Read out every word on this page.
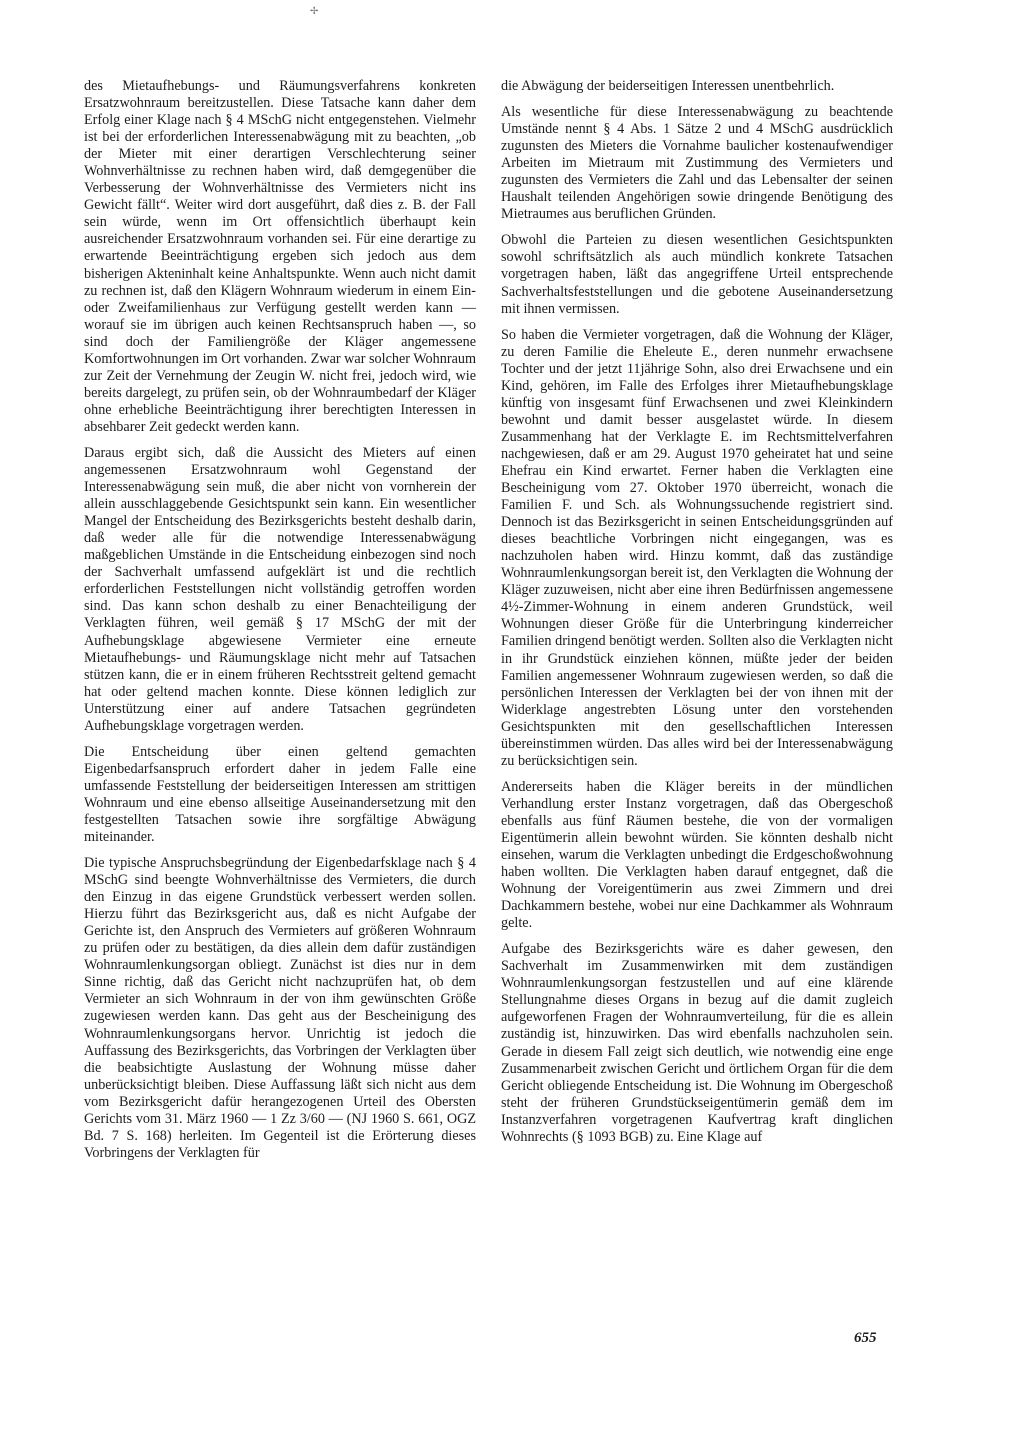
✢

des Mietaufhebungs- und Räumungsverfahrens konkreten Ersatzwohnraum bereitzustellen. Diese Tatsache kann daher dem Erfolg einer Klage nach § 4 MSchG nicht entgegenstehen. Vielmehr ist bei der erforderlichen Interessenabwägung mit zu beachten, „ob der Mieter mit einer derartigen Verschlechterung seiner Wohnverhältnisse zu rechnen haben wird, daß demgegenüber die Verbesserung der Wohnverhältnisse des Vermieters nicht ins Gewicht fällt“. Weiter wird dort ausgeführt, daß dies z. B. der Fall sein würde, wenn im Ort offensichtlich überhaupt kein ausreichender Ersatzwohnraum vorhanden sei. Für eine derartige zu erwartende Beeinträchtigung ergeben sich jedoch aus dem bisherigen Akteninhalt keine Anhaltspunkte. Wenn auch nicht damit zu rechnen ist, daß den Klägern Wohnraum wiederum in einem Ein- oder Zweifamilienhaus zur Verfügung gestellt werden kann — worauf sie im übrigen auch keinen Rechtsanspruch haben —, so sind doch der Familiengröße der Kläger angemessene Komfortwohnungen im Ort vorhanden. Zwar war solcher Wohnraum zur Zeit der Vernehmung der Zeugin W. nicht frei, jedoch wird, wie bereits dargelegt, zu prüfen sein, ob der Wohnraumbedarf der Kläger ohne erhebliche Beeinträchtigung ihrer berechtigten Interessen in absehbarer Zeit gedeckt werden kann.

Daraus ergibt sich, daß die Aussicht des Mieters auf einen angemessenen Ersatzwohnraum wohl Gegenstand der Interessenabwägung sein muß, die aber nicht von vornherein der allein ausschlaggebende Gesichtspunkt sein kann. Ein wesentlicher Mangel der Entscheidung des Bezirksgerichts besteht deshalb darin, daß weder alle für die notwendige Interessenabwägung maßgeblichen Umstände in die Entscheidung einbezogen sind noch der Sachverhalt umfassend aufgeklärt ist und die rechtlich erforderlichen Feststellungen nicht vollständig getroffen worden sind. Das kann schon deshalb zu einer Benachteiligung der Verklagten führen, weil gemäß § 17 MSchG der mit der Aufhebungsklage abgewiesene Vermieter eine erneute Mietaufhebungs- und Räumungsklage nicht mehr auf Tatsachen stützen kann, die er in einem früheren Rechtsstreit geltend gemacht hat oder geltend machen konnte. Diese können lediglich zur Unterstützung einer auf andere Tatsachen gegründeten Aufhebungsklage vorgetragen werden.

Die Entscheidung über einen geltend gemachten Eigenbedarfsanspruch erfordert daher in jedem Falle eine umfassende Feststellung der beiderseitigen Interessen am strittigen Wohnraum und eine ebenso allseitige Auseinandersetzung mit den festgestellten Tatsachen sowie ihre sorgfältige Abwägung miteinander.

Die typische Anspruchsbegründung der Eigenbedarfsklage nach § 4 MSchG sind beengte Wohnverhältnisse des Vermieters, die durch den Einzug in das eigene Grundstück verbessert werden sollen. Hierzu führt das Bezirksgericht aus, daß es nicht Aufgabe der Gerichte ist, den Anspruch des Vermieters auf größeren Wohnraum zu prüfen oder zu bestätigen, da dies allein dem dafür zuständigen Wohnraumlenkungsorgan obliegt. Zunächst ist dies nur in dem Sinne richtig, daß das Gericht nicht nachzuprüfen hat, ob dem Vermieter an sich Wohnraum in der von ihm gewünschten Größe zugewiesen werden kann. Das geht aus der Bescheinigung des Wohnraumlenkungsorgans hervor. Unrichtig ist jedoch die Auffassung des Bezirksgerichts, das Vorbringen der Verklagten über die beabsichtigte Auslastung der Wohnung müsse daher unberücksichtigt bleiben. Diese Auffassung läßt sich nicht aus dem vom Bezirksgericht dafür herangezogenen Urteil des Obersten Gerichts vom 31. März 1960 — 1 Zz 3/60 — (NJ 1960 S. 661, OGZ Bd. 7 S. 168) herleiten. Im Gegenteil ist die Erörterung dieses Vorbringens der Verklagten für

die Abwägung der beiderseitigen Interessen unentbehrlich.

Als wesentliche für diese Interessenabwägung zu beachtende Umstände nennt § 4 Abs. 1 Sätze 2 und 4 MSchG ausdrücklich zugunsten des Mieters die Vornahme baulicher kostenaufwendiger Arbeiten im Mietraum mit Zustimmung des Vermieters und zugunsten des Vermieters die Zahl und das Lebensalter der seinen Haushalt teilenden Angehörigen sowie dringende Benötigung des Mietraumes aus beruflichen Gründen.

Obwohl die Parteien zu diesen wesentlichen Gesichtspunkten sowohl schriftsätzlich als auch mündlich konkrete Tatsachen vorgetragen haben, läßt das angegriffene Urteil entsprechende Sachverhaltsfeststellungen und die gebotene Auseinandersetzung mit ihnen vermissen.

So haben die Vermieter vorgetragen, daß die Wohnung der Kläger, zu deren Familie die Eheleute E., deren nunmehr erwachsene Tochter und der jetzt 11jährige Sohn, also drei Erwachsene und ein Kind, gehören, im Falle des Erfolges ihrer Mietaufhebungsklage künftig von insgesamt fünf Erwachsenen und zwei Kleinkindern bewohnt und damit besser ausgelastet würde. In diesem Zusammenhang hat der Verklagte E. im Rechtsmittelverfahren nachgewiesen, daß er am 29. August 1970 geheiratet hat und seine Ehefrau ein Kind erwartet. Ferner haben die Verklagten eine Bescheinigung vom 27. Oktober 1970 überreicht, wonach die Familien F. und Sch. als Wohnungssuchende registriert sind. Dennoch ist das Bezirksgericht in seinen Entscheidungsgründen auf dieses beachtliche Vorbringen nicht eingegangen, was es nachzuholen haben wird. Hinzu kommt, daß das zuständige Wohnraumlenkungsorgan bereit ist, den Verklagten die Wohnung der Kläger zuzuweisen, nicht aber eine ihren Bedürfnissen angemessene 4½-Zimmer-Wohnung in einem anderen Grundstück, weil Wohnungen dieser Größe für die Unterbringung kinderreicher Familien dringend benötigt werden. Sollten also die Verklagten nicht in ihr Grundstück einziehen können, müßte jeder der beiden Familien angemessener Wohnraum zugewiesen werden, so daß die persönlichen Interessen der Verklagten bei der von ihnen mit der Widerklage angestrebten Lösung unter den vorstehenden Gesichtspunkten mit den gesellschaftlichen Interessen übereinstimmen würden. Das alles wird bei der Interessenabwägung zu berücksichtigen sein.

Andererseits haben die Kläger bereits in der mündlichen Verhandlung erster Instanz vorgetragen, daß das Obergeschoß ebenfalls aus fünf Räumen bestehe, die von der vormaligen Eigentümerin allein bewohnt würden. Sie könnten deshalb nicht einsehen, warum die Verklagten unbedingt die Erdgeschoßwohnung haben wollten. Die Verklagten haben darauf entgegnet, daß die Wohnung der Voreigentümerin aus zwei Zimmern und drei Dachkammern bestehe, wobei nur eine Dachkammer als Wohnraum gelte.

Aufgabe des Bezirksgerichts wäre es daher gewesen, den Sachverhalt im Zusammenwirken mit dem zuständigen Wohnraumlenkungsorgan festzustellen und auf eine klärende Stellungnahme dieses Organs in bezug auf die damit zugleich aufgeworfenen Fragen der Wohnraumverteilung, für die es allein zuständig ist, hinzuwirken. Das wird ebenfalls nachzuholen sein. Gerade in diesem Fall zeigt sich deutlich, wie notwendig eine enge Zusammenarbeit zwischen Gericht und örtlichem Organ für die dem Gericht obliegende Entscheidung ist. Die Wohnung im Obergeschoß steht der früheren Grundstückseigentümerin gemäß dem im Instanzverfahren vorgetragenen Kaufvertrag kraft dinglichen Wohnrechts (§ 1093 BGB) zu. Eine Klage auf

655
